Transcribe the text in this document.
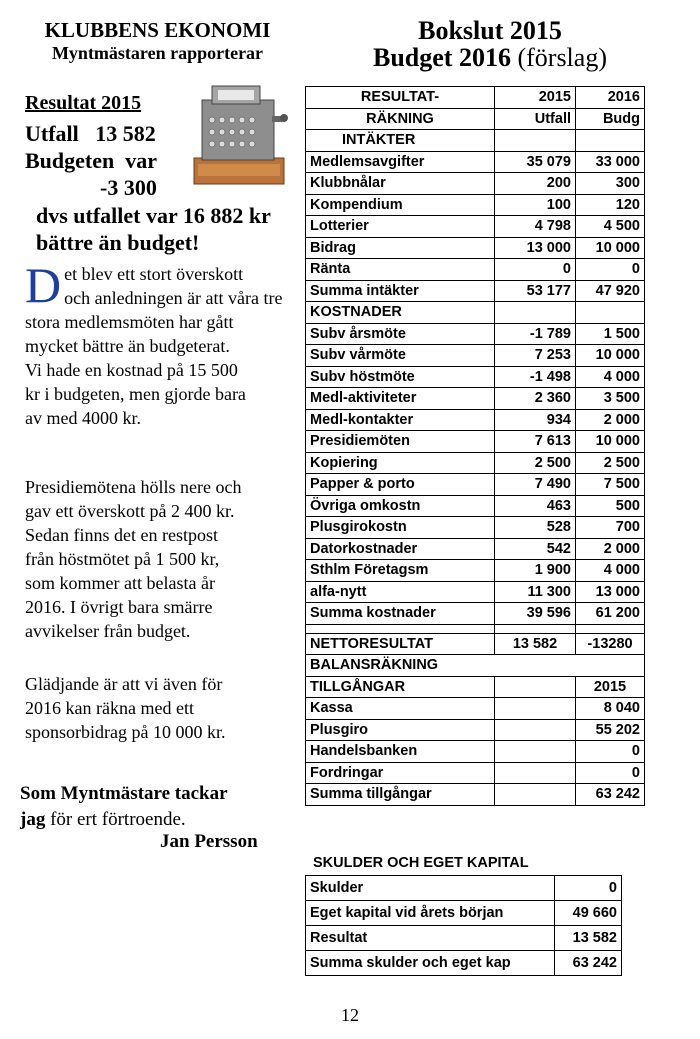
KLUBBENS EKONOMI
Myntmästaren rapporterar
Resultat 2015
Utfall 13 582
Budgeten  var
-3 300
dvs utfallet var 16 882 kr
bättre än budget!
D et blev ett stort överskott
och anledningen är att våra tre
stora medlemsmöten har gått
mycket bättre än budgeterat.
Vi hade en kostnad på 15 500
kr i budgeten, men gjorde bara
av med 4000 kr.
Presidiemötena hölls nere och
gav ett överskott på 2 400 kr.
Sedan finns det en restpost
från höstmötet på 1 500 kr,
som kommer att belasta år
2016. I övrigt bara smärre
avvikelser från budget.
Glädjande är att vi även för
2016 kan räkna med ett
sponsorbidrag på 10 000 kr.
Som Myntmästare tackar
jag för ert förtroende.
Jan Persson
Bokslut 2015
Budget 2016 (förslag)
RESULTAT-	2015	2016
RÄKNING	Utfall	Budg
INTÄKTER		
Medlemsavgifter	35 079	33 000
Klubbnålar	200	300
Kompendium	100	120
Lotterier	4 798	4 500
Bidrag	13 000	10 000
Ränta	0	0
Summa intäkter	53 177	47 920
KOSTNADER		
Subv årsmöte	-1 789	1 500
Subv vårmöte	7 253	10 000
Subv höstmöte	-1 498	4 000
Medl-aktiviteter	2 360	3 500
Medl-kontakter	934	2 000
Presidiemöten	7 613	10 000
Kopiering	2 500	2 500
Papper & porto	7 490	7 500
Övriga omkostn	463	500
Plusgirokostn	528	700
Datorkostnader	542	2 000
Sthlm Företagsm	1 900	4 000
alfa-nytt	11 300	13 000
Summa kostnader	39 596	61 200

NETTORESULTAT	13 582	-13280
BALANSRÄKNING		
TILLGÅNGAR		2015
Kassa		8 040
Plusgiro		55 202
Handelsbanken		0
Fordringar		0
Summa tillgångar		63 242
SKULDER OCH EGET KAPITAL
Skulder	0
Eget kapital vid årets början	49 660
Resultat	13 582
Summa skulder och eget kap	63 242
12
